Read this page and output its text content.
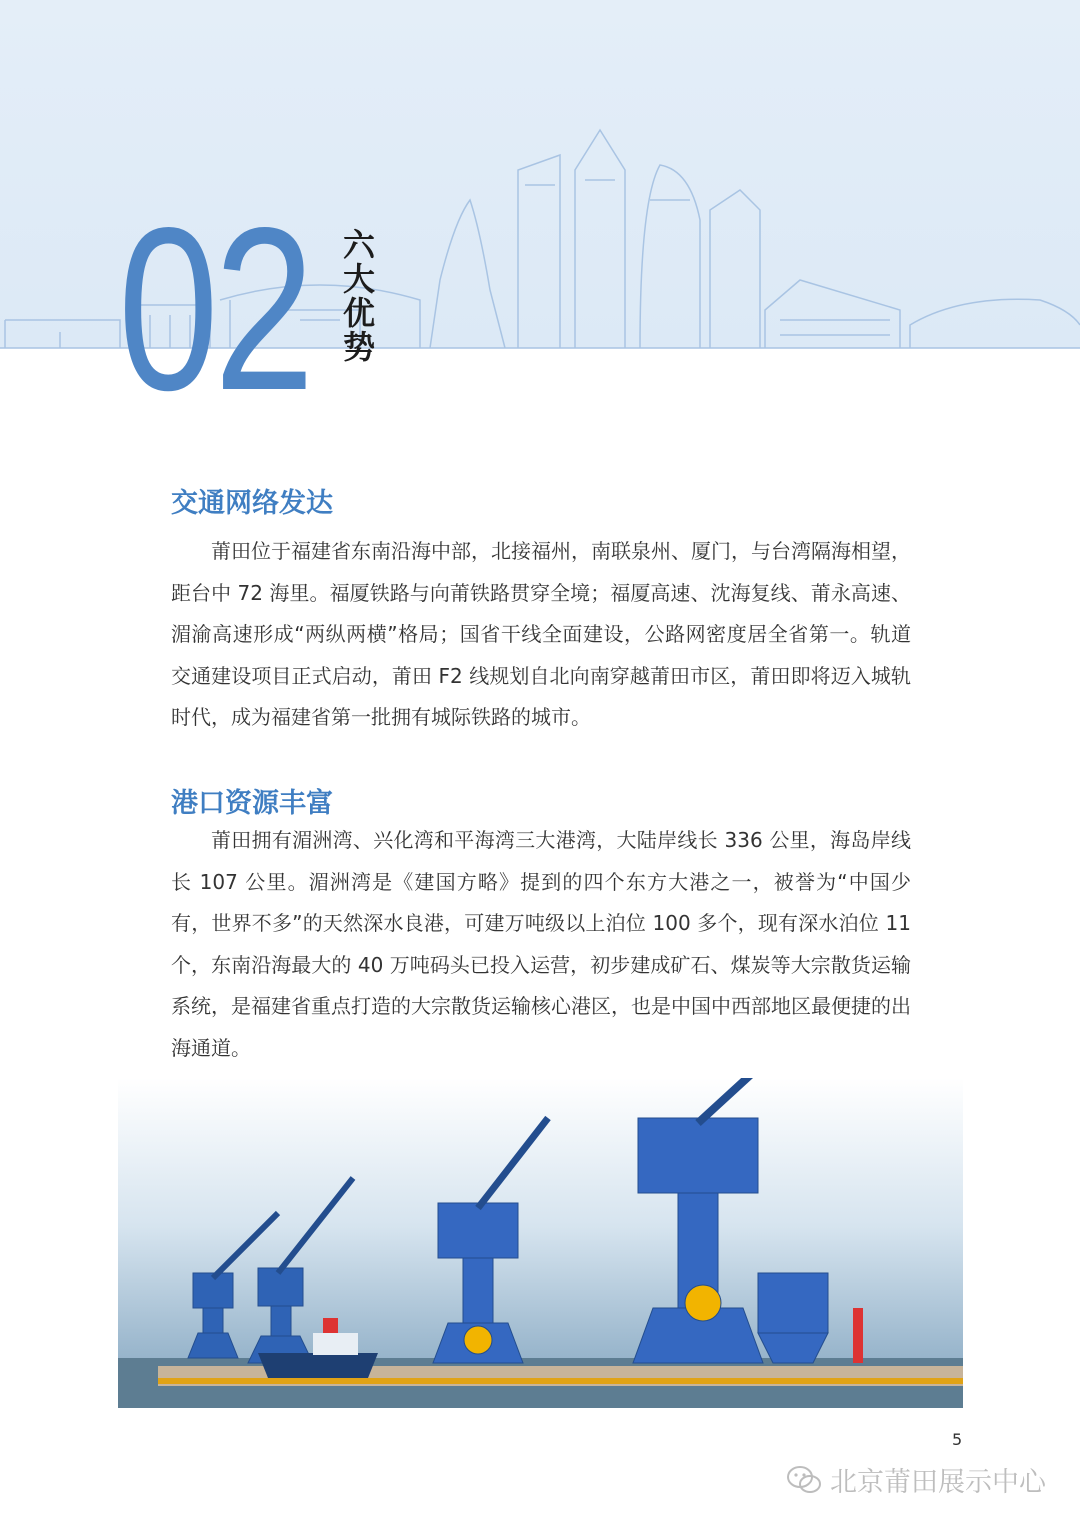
02 六大优势
交通网络发达
莆田位于福建省东南沿海中部，北接福州，南联泉州、厦门，与台湾隔海相望，距台中 72 海里。福厦铁路与向莆铁路贯穿全境；福厦高速、沈海复线、莆永高速、湄渝高速形成“两纵两横”格局；国省干线全面建设，公路网密度居全省第一。轨道交通建设项目正式启动，莆田 F2 线规划自北向南穿越莆田市区，莆田即将迈入城轨时代，成为福建省第一批拥有城际铁路的城市。
港口资源丰富
莆田拥有湄洲湾、兴化湾和平海湾三大港湾，大陆岸线长 336 公里，海岛岸线长 107 公里。湄洲湾是《建国方略》提到的四个东方大港之一，被誉为“中国少有，世界不多”的天然深水良港，可建万吨级以上泊位 100 多个，现有深水泊位 11 个，东南沿海最大的 40 万吨码头已投入运营，初步建成矿石、煤炭等大宗散货运输系统，是福建省重点打造的大宗散货运输核心港区，也是中国中西部地区最便捷的出海通道。
5
北京莆田展示中心
